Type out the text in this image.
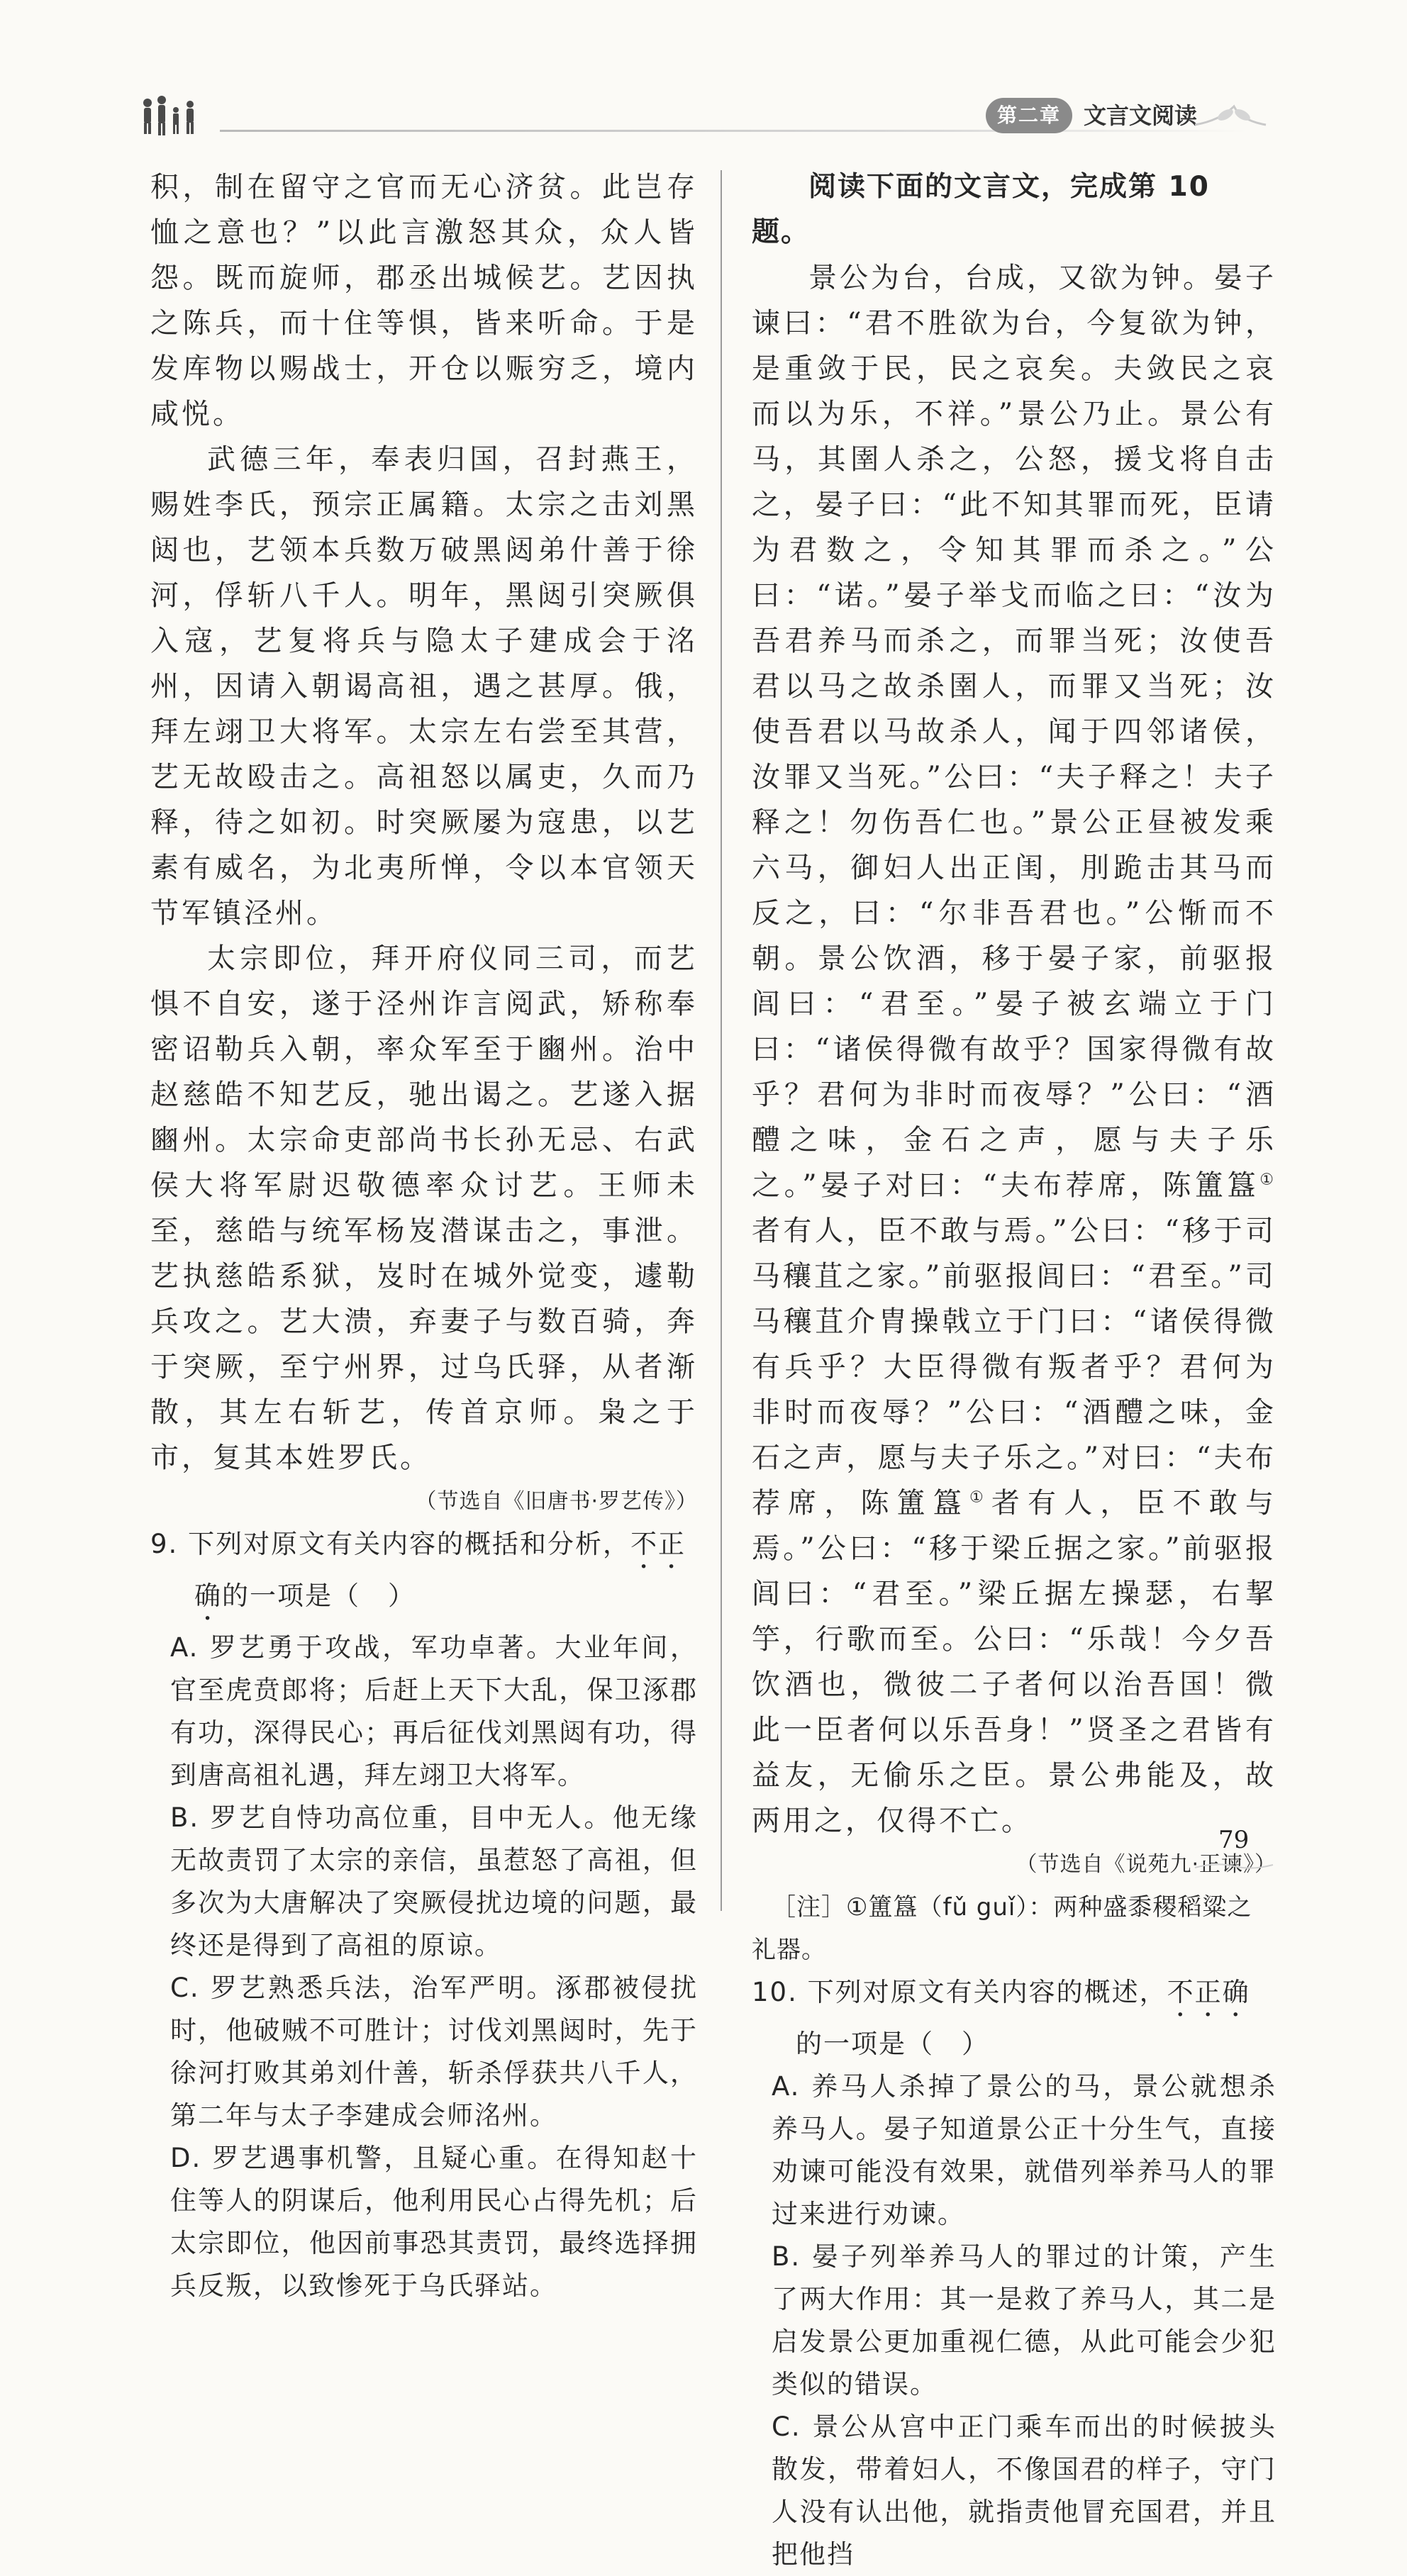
第二章	文言文阅读

积，制在留守之官而无心济贫。此岂存恤之意也？”以此言激怒其众，众人皆怨。既而旋师，郡丞出城候艺。艺因执之陈兵，而十住等惧，皆来听命。于是发库物以赐战士，开仓以赈穷乏，境内咸悦。

武德三年，奉表归国，召封燕王，赐姓李氏，预宗正属籍。太宗之击刘黑闼也，艺领本兵数万破黑闼弟什善于徐河，俘斩八千人。明年，黑闼引突厥俱入寇，艺复将兵与隐太子建成会于洺州，因请入朝谒高祖，遇之甚厚。俄，拜左翊卫大将军。太宗左右尝至其营，艺无故殴击之。高祖怒以属吏，久而乃释，待之如初。时突厥屡为寇患，以艺素有威名，为北夷所惮，令以本官领天节军镇泾州。

太宗即位，拜开府仪同三司，而艺惧不自安，遂于泾州诈言阅武，矫称奉密诏勒兵入朝，率众军至于豳州。治中赵慈皓不知艺反，驰出谒之。艺遂入据豳州。太宗命吏部尚书长孙无忌、右武侯大将军尉迟敬德率众讨艺。王师未至，慈皓与统军杨岌潜谋击之，事泄。艺执慈皓系狱，岌时在城外觉变，遽勒兵攻之。艺大溃，弃妻子与数百骑，奔于突厥，至宁州界，过乌氏驿，从者渐散，其左右斩艺，传首京师。枭之于市，复其本姓罗氏。

（节选自《旧唐书·罗艺传》）

9. 下列对原文有关内容的概括和分析，不正确的一项是（　）

A. 罗艺勇于攻战，军功卓著。大业年间，官至虎贲郎将；后赶上天下大乱，保卫涿郡有功，深得民心；再后征伐刘黑闼有功，得到唐高祖礼遇，拜左翊卫大将军。

B. 罗艺自恃功高位重，目中无人。他无缘无故责罚了太宗的亲信，虽惹怒了高祖，但多次为大唐解决了突厥侵扰边境的问题，最终还是得到了高祖的原谅。

C. 罗艺熟悉兵法，治军严明。涿郡被侵扰时，他破贼不可胜计；讨伐刘黑闼时，先于徐河打败其弟刘什善，斩杀俘获共八千人，第二年与太子李建成会师洺州。

D. 罗艺遇事机警，且疑心重。在得知赵十住等人的阴谋后，他利用民心占得先机；后太宗即位，他因前事恐其责罚，最终选择拥兵反叛，以致惨死于乌氏驿站。

阅读下面的文言文，完成第 10 题。

景公为台，台成，又欲为钟。晏子谏曰：“君不胜欲为台，今复欲为钟，是重敛于民，民之哀矣。夫敛民之哀而以为乐，不祥。”景公乃止。景公有马，其圉人杀之，公怒，援戈将自击之，晏子曰：“此不知其罪而死，臣请为君数之，令知其罪而杀之。”公曰：“诺。”晏子举戈而临之曰：“汝为吾君养马而杀之，而罪当死；汝使吾君以马之故杀圉人，而罪又当死；汝使吾君以马故杀人，闻于四邻诸侯，汝罪又当死。”公曰：“夫子释之！夫子释之！勿伤吾仁也。”景公正昼被发乘六马，御妇人出正闺，刖跪击其马而反之，曰：“尔非吾君也。”公惭而不朝。景公饮酒，移于晏子家，前驱报闾曰：“君至。”晏子被玄端立于门曰：“诸侯得微有故乎？国家得微有故乎？君何为非时而夜辱？”公曰：“酒醴之味，金石之声，愿与夫子乐之。”晏子对曰：“夫布荐席，陈簠簋①者有人，臣不敢与焉。”公曰：“移于司马穰苴之家。”前驱报闾曰：“君至。”司马穰苴介胄操戟立于门曰：“诸侯得微有兵乎？大臣得微有叛者乎？君何为非时而夜辱？”公曰：“酒醴之味，金石之声，愿与夫子乐之。”对曰：“夫布荐席，陈簠簋①者有人，臣不敢与焉。”公曰：“移于梁丘据之家。”前驱报闾曰：“君至。”梁丘据左操瑟，右挈竽，行歌而至。公曰：“乐哉！今夕吾饮酒也，微彼二子者何以治吾国！微此一臣者何以乐吾身！”贤圣之君皆有益友，无偷乐之臣。景公弗能及，故两用之，仅得不亡。

（节选自《说苑九·正谏》）

［注］①簠簋（fǔ guǐ）：两种盛黍稷稻粱之礼器。

10. 下列对原文有关内容的概述，不正确的一项是（　）

A. 养马人杀掉了景公的马，景公就想杀养马人。晏子知道景公正十分生气，直接劝谏可能没有效果，就借列举养马人的罪过来进行劝谏。

B. 晏子列举养马人的罪过的计策，产生了两大作用：其一是救了养马人，其二是启发景公更加重视仁德，从此可能会少犯类似的错误。

C. 景公从宫中正门乘车而出的时候披头散发，带着妇人，不像国君的样子，守门人没有认出他，就指责他冒充国君，并且把他挡

79
